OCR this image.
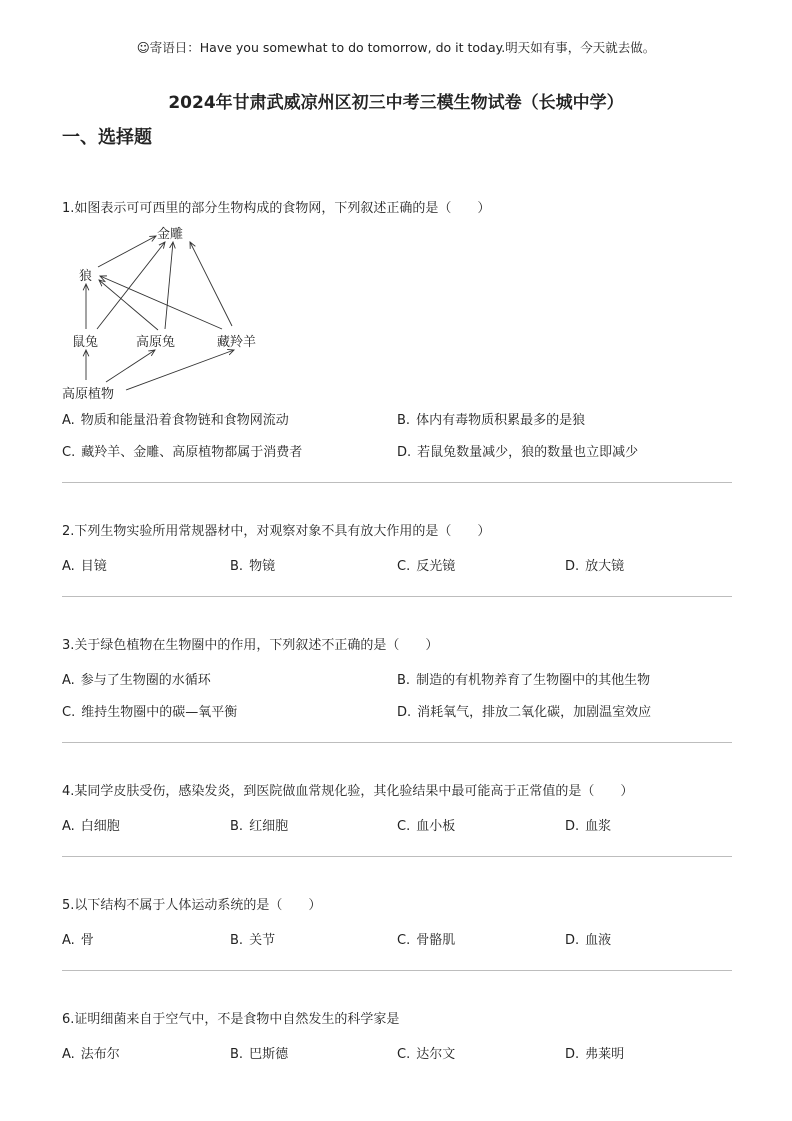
☺寄语日：Have you somewhat to do tomorrow, do it today.明天如有事，今天就去做。
2024年甘肃武威凉州区初三中考三模生物试卷（长城中学）
一、选择题
1.如图表示可可西里的部分生物构成的食物网，下列叙述正确的是（　　）
金雕
狼
鼠兔	高原兔	藏羚羊
高原植物
A. 物质和能量沿着食物链和食物网流动	B. 体内有毒物质积累最多的是狼
C. 藏羚羊、金雕、高原植物都属于消费者	D. 若鼠兔数量减少，狼的数量也立即减少
2.下列生物实验所用常规器材中，对观察对象不具有放大作用的是（　　）
A. 目镜	B. 物镜	C. 反光镜	D. 放大镜
3.关于绿色植物在生物圈中的作用，下列叙述不正确的是（　　）
A. 参与了生物圈的水循环	B. 制造的有机物养育了生物圈中的其他生物
C. 维持生物圈中的碳—氧平衡	D. 消耗氧气，排放二氧化碳，加剧温室效应
4.某同学皮肤受伤，感染发炎，到医院做血常规化验，其化验结果中最可能高于正常值的是（　　）
A. 白细胞	B. 红细胞	C. 血小板	D. 血浆
5.以下结构不属于人体运动系统的是（　　）
A. 骨	B. 关节	C. 骨骼肌	D. 血液
6.证明细菌来自于空气中，不是食物中自然发生的科学家是
A. 法布尔	B. 巴斯德	C. 达尔文	D. 弗莱明
